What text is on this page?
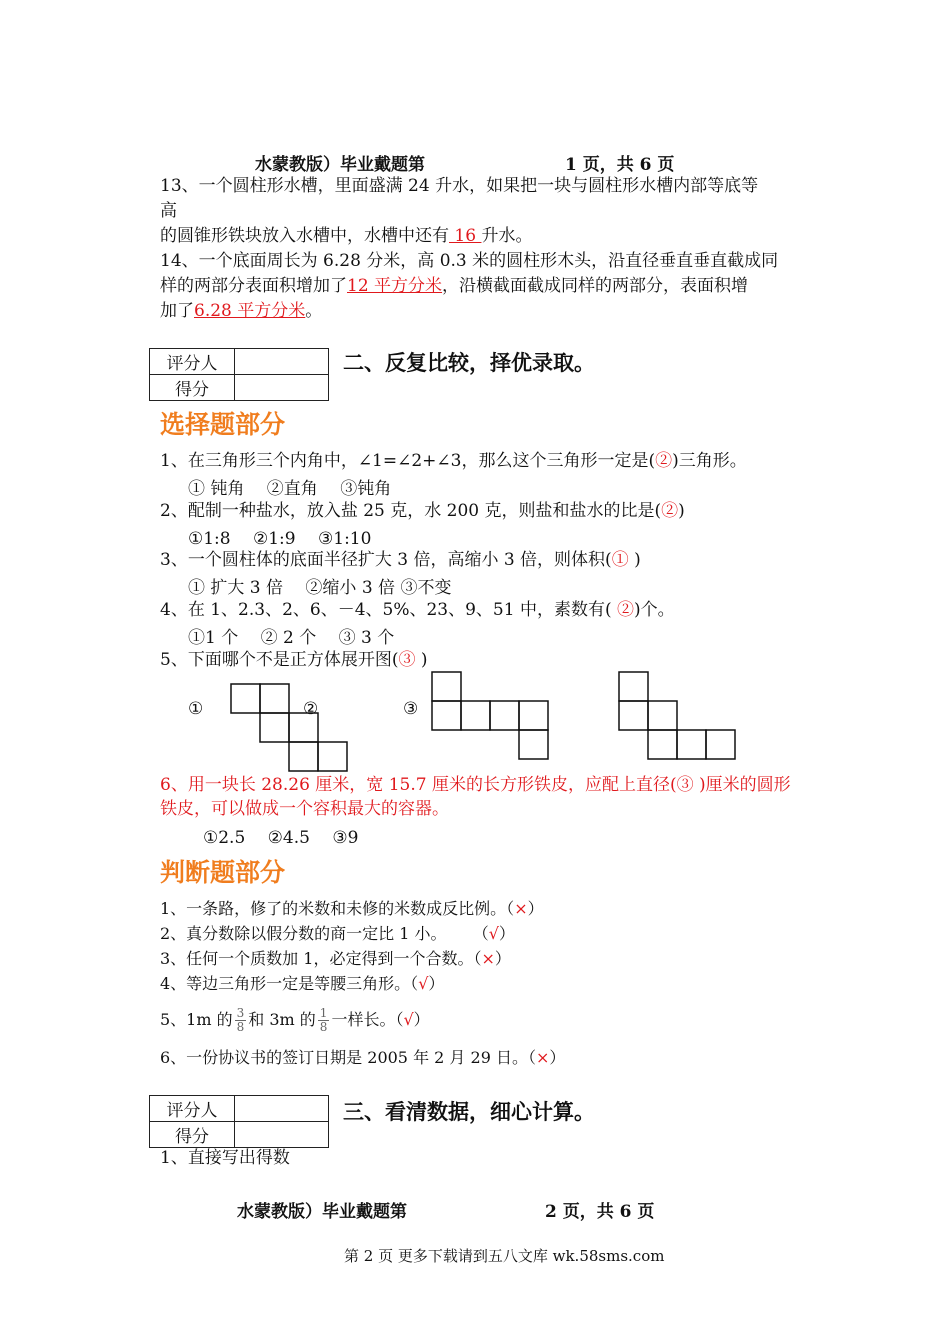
水蒙教版）毕业戴题第	1 页，共 6 页
13、一个圆柱形水槽，里面盛满 24 升水，如果把一块与圆柱形水槽内部等底等
高
的圆锥形铁块放入水槽中，水槽中还有 16 升水。
14、一个底面周长为 6.28 分米，高 0.3 米的圆柱形木头，沿直径垂直垂直截成同
样的两部分表面积增加了12 平方分米，沿横截面截成同样的两部分，表面积增
加了6.28 平方分米。
评分人	
得分	
二、反复比较，择优录取。
选择题部分
1、在三角形三个内角中，∠1=∠2+∠3，那么这个三角形一定是(②)三角形。
① 钝角 　②直角 　③钝角
2、配制一种盐水，放入盐 25 克，水 200 克，则盐和盐水的比是(②)
①1:8 　②1:9 　③1:10
3、一个圆柱体的底面半径扩大 3 倍，高缩小 3 倍，则体积(① )
① 扩大 3 倍 　②缩小 3 倍 ③不变
4、在 1、2.3、2、6、－4、5%、23、9、51 中，素数有( ②)个。
①1 个 　② 2 个 　③ 3 个
5、下面哪个不是正方体展开图(③ )
①	②	③
6、用一块长 28.26 厘米，宽 15.7 厘米的长方形铁皮，应配上直径(③ )厘米的圆形
铁皮，可以做成一个容积最大的容器。
①2.5 　②4.5 　③9
判断题部分
1、一条路，修了的米数和未修的米数成反比例。（×）
2、真分数除以假分数的商一定比 1 小。 　 （√）
3、任何一个质数加 1，必定得到一个合数。（×）
4、等边三角形一定是等腰三角形。（√）
5、1m 的 $\frac{3}{8}$ 和 3m 的 $\frac{1}{8}$ 一样长。（√）
6、一份协议书的签订日期是 2005 年 2 月 29 日。（×）
评分人	
得分	
三、看清数据，细心计算。
1、直接写出得数
水蒙教版）毕业戴题第	2 页，共 6 页
第 2 页 更多下载请到五八文库 wk.58sms.com
